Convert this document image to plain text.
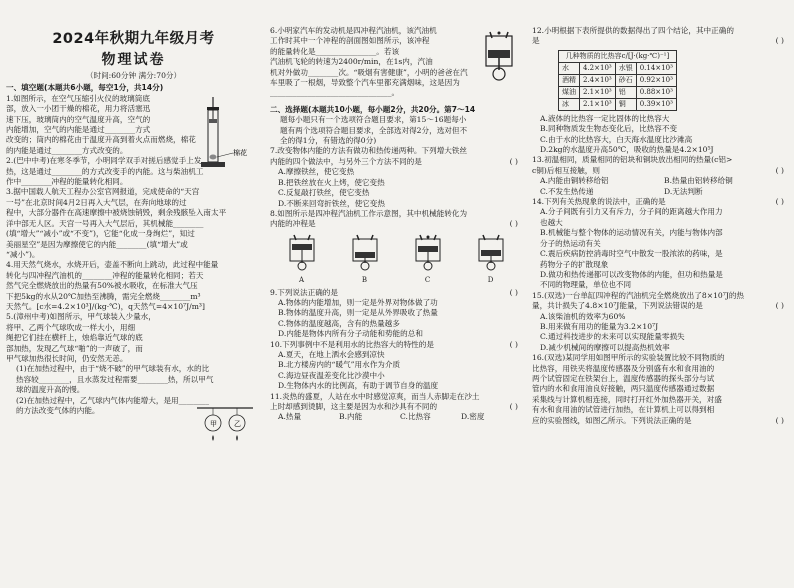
2024年秋期九年级月考
物理试卷
（时间:60分钟 满分:70分）

一、填空题(本题共6小题，每空1分，共14分)

1.如图所示，在空气压缩引火仪的玻璃筒底

部，放入一小团干燥的棉花，用力将活塞迅

速下压，玻璃筒内的空气温度升高，空气的

内能增加，空气的内能是通过________方式

改变的；筒内的棉花由于温度升高到着火点而燃烧，棉花

的内能是通过________方式改变的。	棉花

2.(巴中中考)在寒冬季节，小明同学双手对搓后感觉手上发

热，这是通过________的方式改变手的内能。这与柴油机工

作中________冲程的能量转化相同。

3.据中国载人航天工程办公室官网报道，完成使命的“天宫

一号”在北京时间4月2日再入大气层，在奔向地球的过

程中，大部分器件在高速摩擦中被烧蚀销毁，剩余残骸坠入南太平

洋中部无人区。天宫一号再入大气层后，其机械能________

(填“增大”“减小”或“不变”)，它能“化成一身绚烂”，知过

美丽星空”是因为摩擦使它的内能________(填“增大”或

“减小”)。

4.用天然气烧水，水烧开后，壶盖不断向上跳动，此过程中能量

转化与四冲程汽油机的________冲程的能量转化相同；若天

然气完全燃烧放出的热量有50%被水吸收，在标准大气压

下把5kg的水从20℃加热至沸腾，需完全燃烧________m³

天然气。[c水=4.2×10³J/(kg·℃)，q天然气=4×10⁷J/m³]

5.(漳州中考)如图所示，甲气球装入少量水，

将甲、乙两个气球吹成一样大小，用细

绳把它们挂在横杆上，烛焰靠近气球的底

部加热，发现乙气球“啪”的一声破了，而

甲气球加热很长时间，仍安然无恙。

(1)在加热过程中，由于“烧不破”的甲气球装有水，水的比

热容较________，且水蒸发过程需要________热，所以甲气

球的温度升高的慢。

(2)在加热过程中，乙气球内气体内能增大，是用________

的方法改变气体的内能。

甲 乙

6.小明家汽车的发动机是四冲程汽油机，该汽油机

工作时其中一个冲程的剖面图如图所示，该冲程

的能量转化是________________。若该

汽油机飞轮的转速为2400r/min，在1s内，汽油

机对外做功________次。“吸烟有害健康”，小明的爸爸在汽

车里吸了一根烟，导致整个汽车里都充满烟味，这是因为

________________________________。

二、选择题(本题共10小题，每小题2分，共20分。第7～14

题每小题只有一个选项符合题目要求，第15～16题每小

题有两个选项符合题目要求，全部选对得2分，选对但不

全的得1分，有错选的得0分)

7.改变物体内能的方法有做功和热传递两种。下列增大铁丝

内能的四个做法中，与另外三个方法不同的是	( )

A.摩擦铁丝，使它变热

B.把铁丝放在火上烤，使它变热

C.反复敲打铁丝，使它变热

D.不断来回弯折铁丝，使它变热

8.如图所示是四冲程汽油机工作示意图，其中机械能转化为

内能的冲程是	( )

A	B	C	D

9.下列说法正确的是	( )

A.物体的内能增加，则一定是外界对物体做了功

B.物体的温度升高，则一定是从外界吸收了热量

C.物体的温度越高，含有的热量越多

D.内能是物体内所有分子动能和势能的总和

10.下列事例中不是利用水的比热容大的特性的是	( )

A.夏天，在地上洒水会感到凉快

B.北方楼房内的“暖气”用水作为介质

C.海边昼夜温差变化比沙漠中小

D.生物体内水的比例高，有助于调节自身的温度

11.炎热的盛夏，人站在水中时感觉凉爽，而当人赤脚走在沙土

上时却感到烫脚，这主要是因为水和沙具有不同的	( )

A.热量	B.内能	C.比热容	D.密度

12.小明根据下表所提供的数据得出了四个结论，其中正确的

是	( )

几种物质的比热容c/[J·(kg·℃)⁻¹]			
水	4.2×10³	水银	0.14×10³
酒精	2.4×10³	砂石	0.92×10³
煤油	2.1×10³	铝	0.88×10³
冰	2.1×10³	铜	0.39×10³

A.液体的比热容一定比固体的比热容大

B.同种物质发生物态变化后，比热容不变

C.由于水的比热容大，白天海水温度比沙滩高

D.2kg的水温度升高50℃，吸收的热量是4.2×10⁵J

13.初温相同，质量相同的铝块和铜块放出相同的热量(c铝>

c铜)后相互接触，则	( )

A.内能由铜转移给铝	B.热量由铝转移给铜
C.不发生热传递	D.无法判断

14.下列有关热现象的说法中，正确的是	( )

A.分子间既有引力又有斥力，分子间的距离越大作用力

也越大

B.机械能与整个物体的运动情况有关，内能与物体内部

分子的热运动有关

C.震后疾病防控消毒时空气中散发一股浓浓的药味，是

药物分子的扩散现象

D.做功和热传递都可以改变物体的内能，但功和热量是

不同的物理量，单位也不同

15.(双选)一台单缸四冲程的汽油机完全燃烧放出了8×10⁷J的热

量，共计损失了4.8×10⁷J能量，下列说法错误的是	( )

A.该柴油机的效率为60%

B.用来做有用功的能量为3.2×10⁷J

C.通过科技进步的未来可以实现能量零损失

D.减少机械间的摩擦可以提高热机效率

16.(双选)某同学用如图甲所示的实验装置比较不同物质的

比热容，用铁夹将温度传感器及分别盛有水和食用油的

两个试管固定在铁架台上，温度传感器的探头部分与试

管内的水和食用油良好接触，两只温度传感器通过数据

采集线与计算机相连接，同时打开红外加热器开关，对盛

有水和食用油的试管进行加热，在计算机上可以得到相

应的实验图线，如图乙所示。下列说法正确的是	( )
